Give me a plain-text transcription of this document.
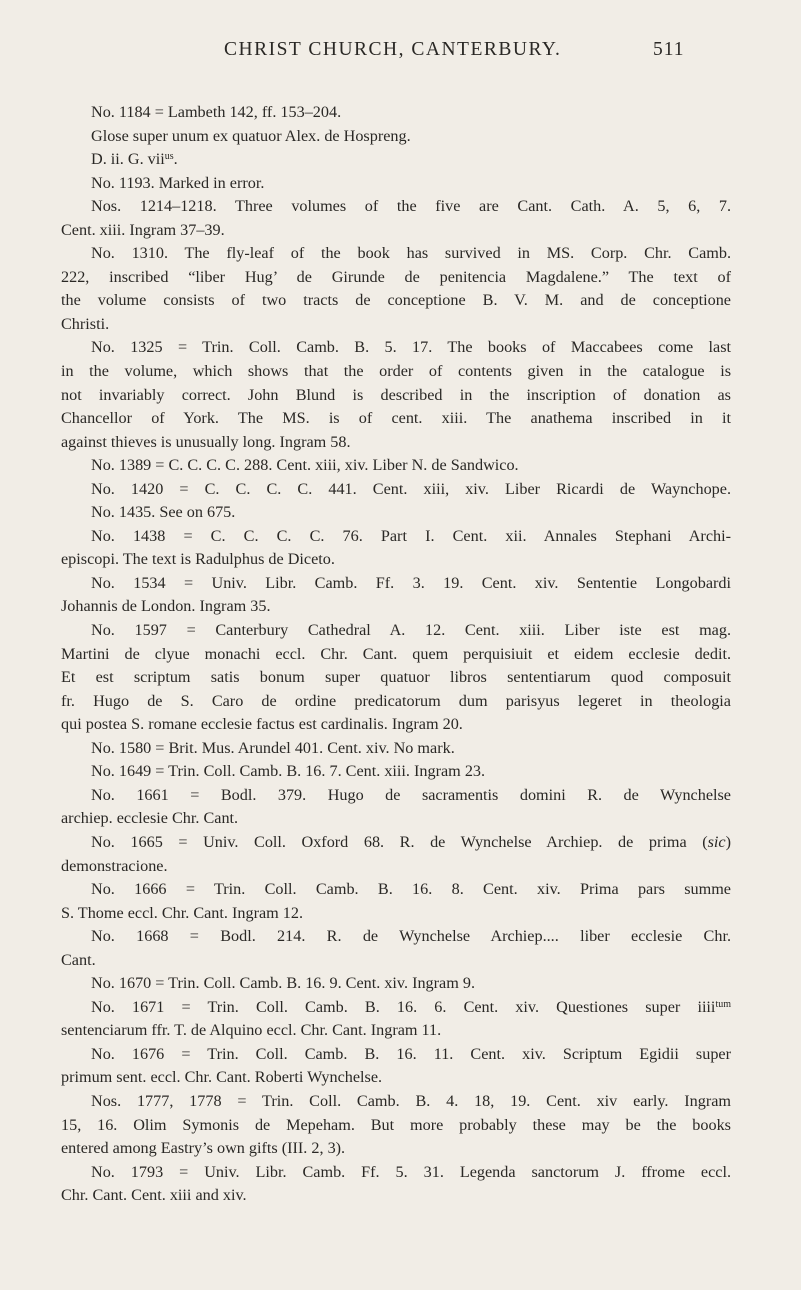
CHRIST CHURCH, CANTERBURY.	511
No. 1184 = Lambeth 142, ff. 153–204.
Glose super unum ex quatuor Alex. de Hospreng.
D. ii. G. vii$^{us}$.
No. 1193. Marked in error.
Nos. 1214–1218. Three volumes of the five are Cant. Cath. A. 5, 6, 7.
Cent. xiii. Ingram 37–39.
No. 1310. The fly-leaf of the book has survived in MS. Corp. Chr. Camb.
222, inscribed “liber Hug’ de Girunde de penitencia Magdalene.” The text of
the volume consists of two tracts de conceptione B. V. M. and de conceptione
Christi.
No. 1325 = Trin. Coll. Camb. B. 5. 17. The books of Maccabees come last
in the volume, which shows that the order of contents given in the catalogue is
not invariably correct. John Blund is described in the inscription of donation as
Chancellor of York. The MS. is of cent. xiii. The anathema inscribed in it
against thieves is unusually long. Ingram 58.
No. 1389 = C. C. C. C. 288. Cent. xiii, xiv. Liber N. de Sandwico.
No. 1420 = C. C. C. C. 441. Cent. xiii, xiv. Liber Ricardi de Waynchope.
No. 1435. See on 675.
No. 1438 = C. C. C. C. 76. Part I. Cent. xii. Annales Stephani Archi-
episcopi. The text is Radulphus de Diceto.
No. 1534 = Univ. Libr. Camb. Ff. 3. 19. Cent. xiv. Sententie Longobardi
Johannis de London. Ingram 35.
No. 1597 = Canterbury Cathedral A. 12. Cent. xiii. Liber iste est mag.
Martini de clyue monachi eccl. Chr. Cant. quem perquisiuit et eidem ecclesie dedit.
Et est scriptum satis bonum super quatuor libros sententiarum quod composuit
fr. Hugo de S. Caro de ordine predicatorum dum parisyus legeret in theologia
qui postea S. romane ecclesie factus est cardinalis. Ingram 20.
No. 1580 = Brit. Mus. Arundel 401. Cent. xiv. No mark.
No. 1649 = Trin. Coll. Camb. B. 16. 7. Cent. xiii. Ingram 23.
No. 1661 = Bodl. 379. Hugo de sacramentis domini R. de Wynchelse
archiep. ecclesie Chr. Cant.
No. 1665 = Univ. Coll. Oxford 68. R. de Wynchelse Archiep. de prima (sic)
demonstracione.
No. 1666 = Trin. Coll. Camb. B. 16. 8. Cent. xiv. Prima pars summe
S. Thome eccl. Chr. Cant. Ingram 12.
No. 1668 = Bodl. 214. R. de Wynchelse Archiep.... liber ecclesie Chr.
Cant.
No. 1670 = Trin. Coll. Camb. B. 16. 9. Cent. xiv. Ingram 9.
No. 1671 = Trin. Coll. Camb. B. 16. 6. Cent. xiv. Questiones super iiii$^{tum}$
sentenciarum ffr. T. de Alquino eccl. Chr. Cant. Ingram 11.
No. 1676 = Trin. Coll. Camb. B. 16. 11. Cent. xiv. Scriptum Egidii super
primum sent. eccl. Chr. Cant. Roberti Wynchelse.
Nos. 1777, 1778 = Trin. Coll. Camb. B. 4. 18, 19. Cent. xiv early. Ingram
15, 16. Olim Symonis de Mepeham. But more probably these may be the books
entered among Eastry’s own gifts (III. 2, 3).
No. 1793 = Univ. Libr. Camb. Ff. 5. 31. Legenda sanctorum J. ffrome eccl.
Chr. Cant. Cent. xiii and xiv.
